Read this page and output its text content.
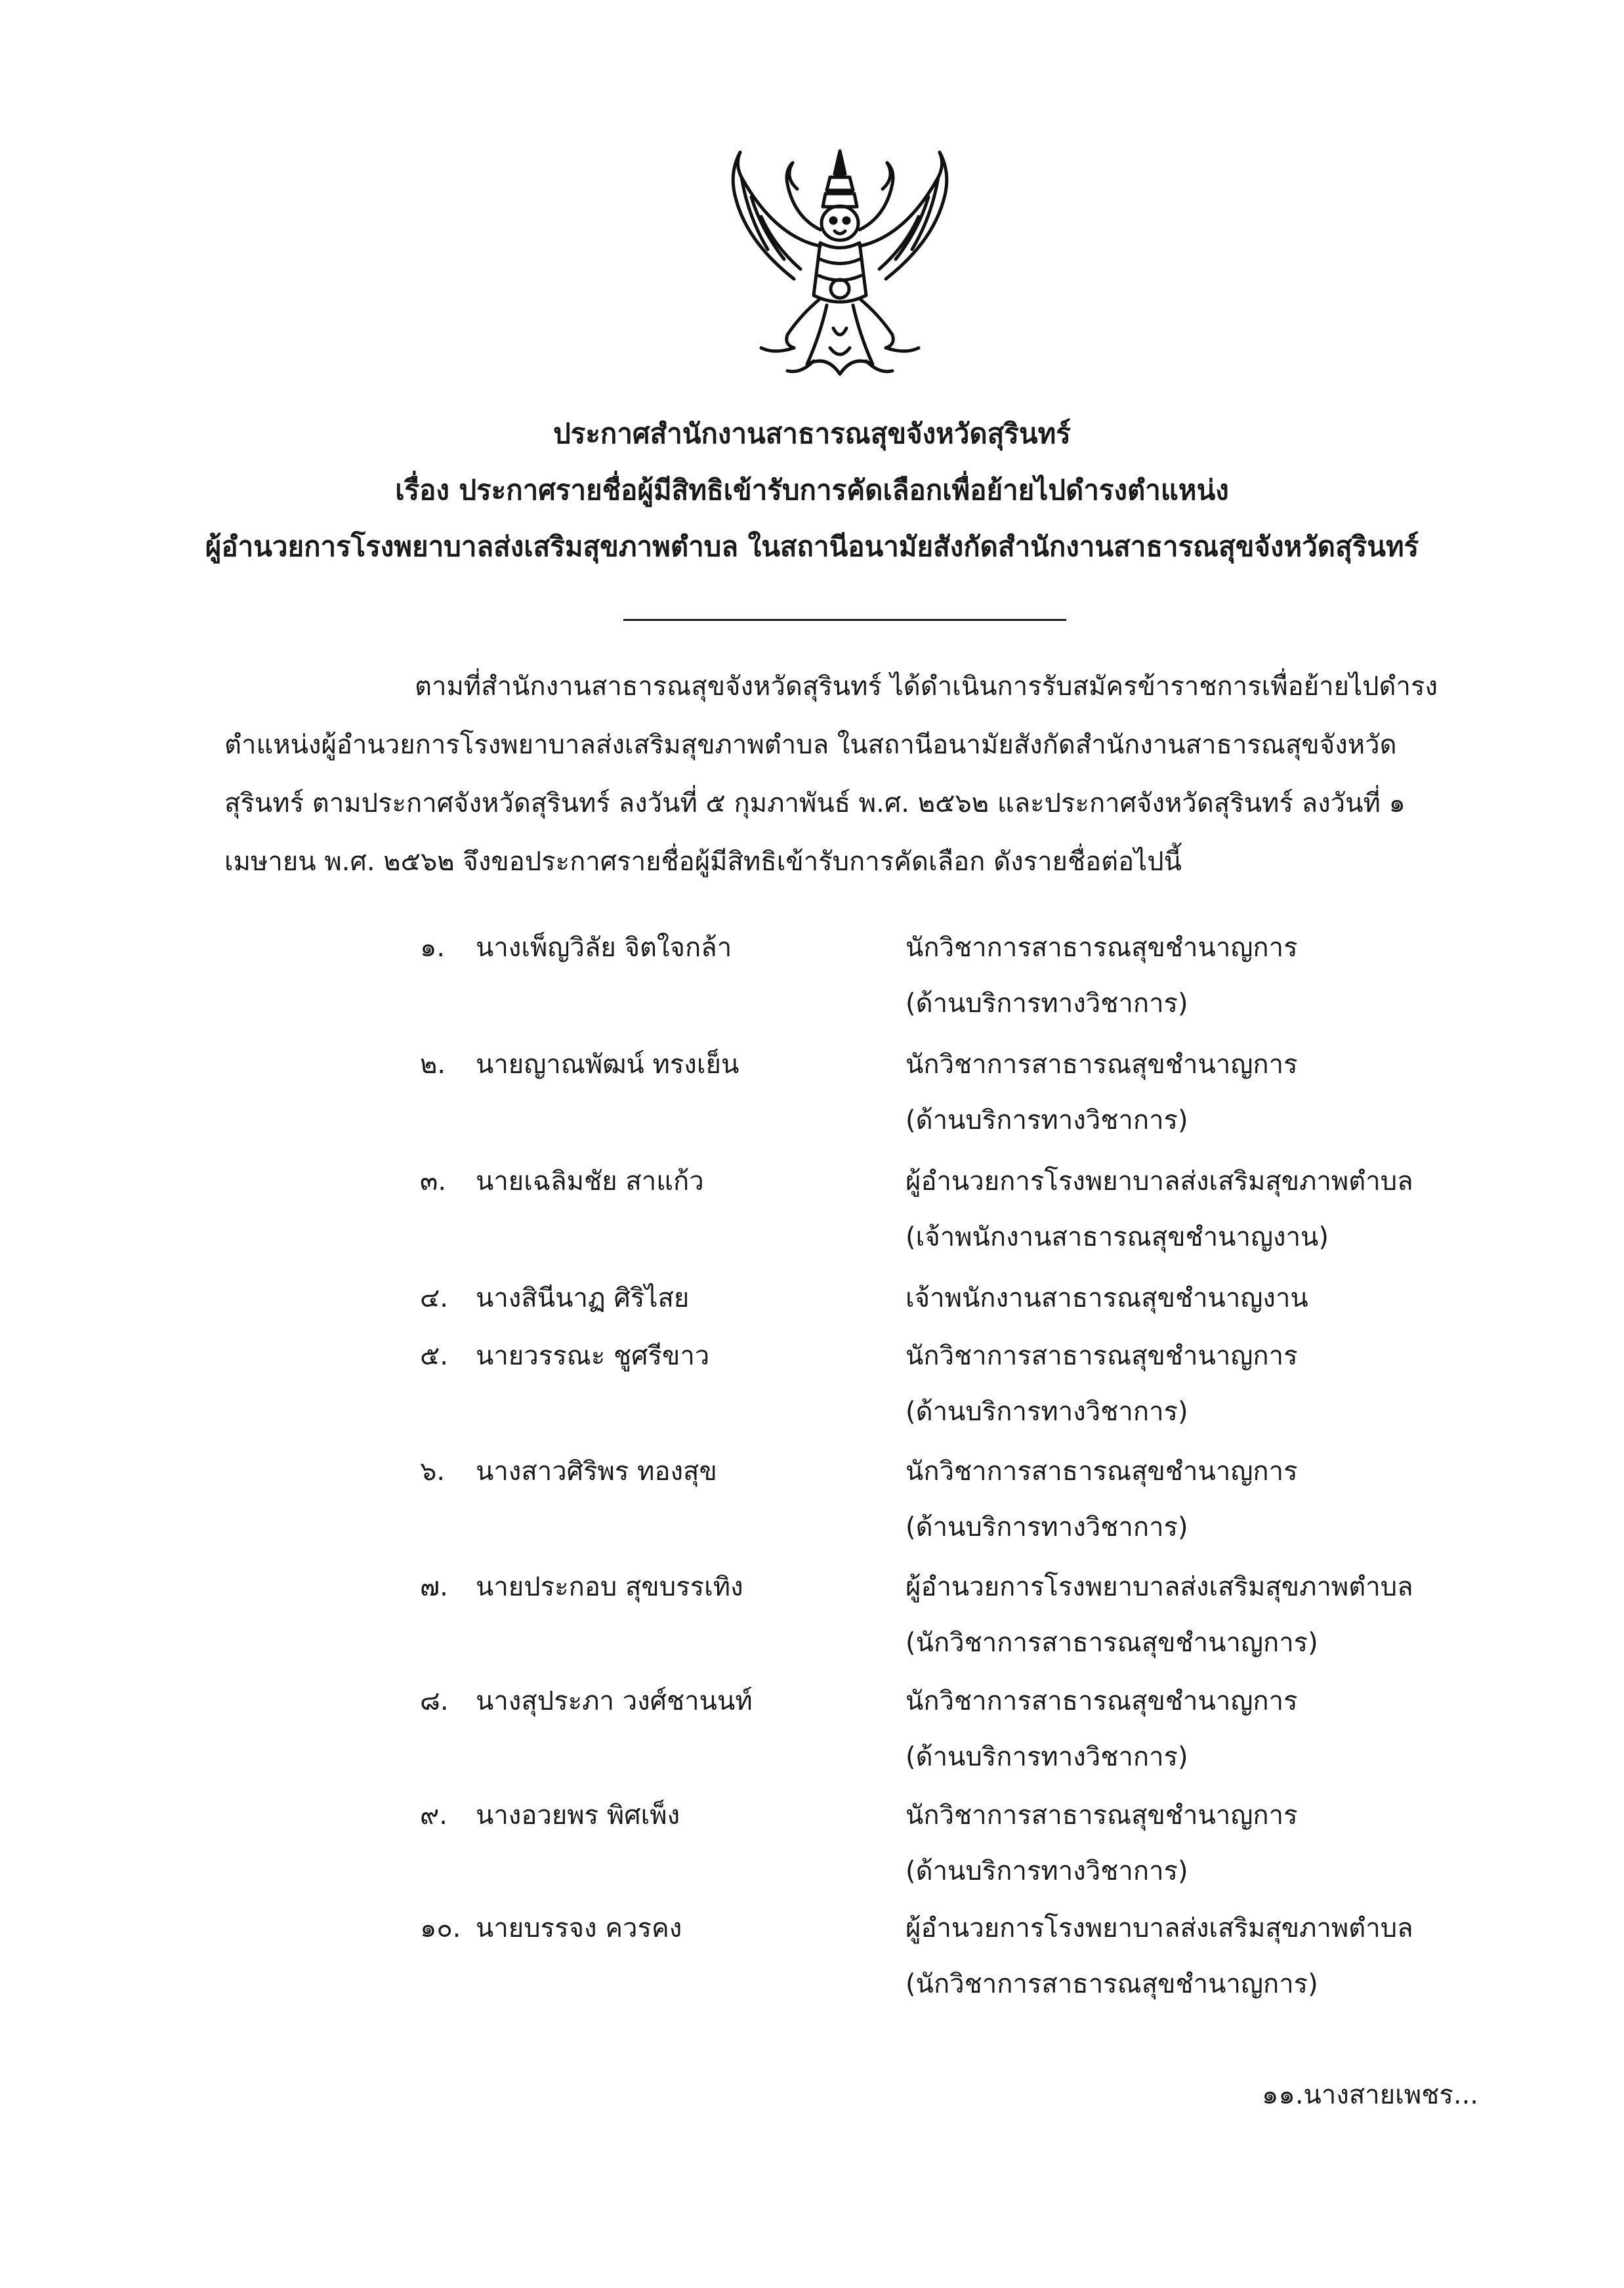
ประกาศสำนักงานสาธารณสุขจังหวัดสุรินทร์
เรื่อง ประกาศรายชื่อผู้มีสิทธิเข้ารับการคัดเลือกเพื่อย้ายไปดำรงตำแหน่ง
ผู้อำนวยการโรงพยาบาลส่งเสริมสุขภาพตำบล ในสถานีอนามัยสังกัดสำนักงานสาธารณสุขจังหวัดสุรินทร์
ตามที่สำนักงานสาธารณสุขจังหวัดสุรินทร์ ได้ดำเนินการรับสมัครข้าราชการเพื่อย้ายไปดำรง
ตำแหน่งผู้อำนวยการโรงพยาบาลส่งเสริมสุขภาพตำบล ในสถานีอนามัยสังกัดสำนักงานสาธารณสุขจังหวัด
สุรินทร์ ตามประกาศจังหวัดสุรินทร์ ลงวันที่ ๕ กุมภาพันธ์ พ.ศ. ๒๕๖๒ และประกาศจังหวัดสุรินทร์ ลงวันที่ ๑
เมษายน พ.ศ. ๒๕๖๒ จึงขอประกาศรายชื่อผู้มีสิทธิเข้ารับการคัดเลือก ดังรายชื่อต่อไปนี้
๑. นางเพ็ญวิลัย จิตใจกล้า	นักวิชาการสาธารณสุขชำนาญการ
(ด้านบริการทางวิชาการ)
๒. นายญาณพัฒน์ ทรงเย็น	นักวิชาการสาธารณสุขชำนาญการ
(ด้านบริการทางวิชาการ)
๓. นายเฉลิมชัย สาแก้ว	ผู้อำนวยการโรงพยาบาลส่งเสริมสุขภาพตำบล
(เจ้าพนักงานสาธารณสุขชำนาญงาน)
๔. นางสินีนาฏ ศิริไสย	เจ้าพนักงานสาธารณสุขชำนาญงาน
๕. นายวรรณะ ชูศรีขาว	นักวิชาการสาธารณสุขชำนาญการ
(ด้านบริการทางวิชาการ)
๖. นางสาวศิริพร ทองสุข	นักวิชาการสาธารณสุขชำนาญการ
(ด้านบริการทางวิชาการ)
๗. นายประกอบ สุขบรรเทิง	ผู้อำนวยการโรงพยาบาลส่งเสริมสุขภาพตำบล
(นักวิชาการสาธารณสุขชำนาญการ)
๘. นางสุประภา วงศ์ชานนท์	นักวิชาการสาธารณสุขชำนาญการ
(ด้านบริการทางวิชาการ)
๙. นางอวยพร พิศเพ็ง	นักวิชาการสาธารณสุขชำนาญการ
(ด้านบริการทางวิชาการ)
๑๐. นายบรรจง ควรคง	ผู้อำนวยการโรงพยาบาลส่งเสริมสุขภาพตำบล
(นักวิชาการสาธารณสุขชำนาญการ)
๑๑.นางสายเพชร...
